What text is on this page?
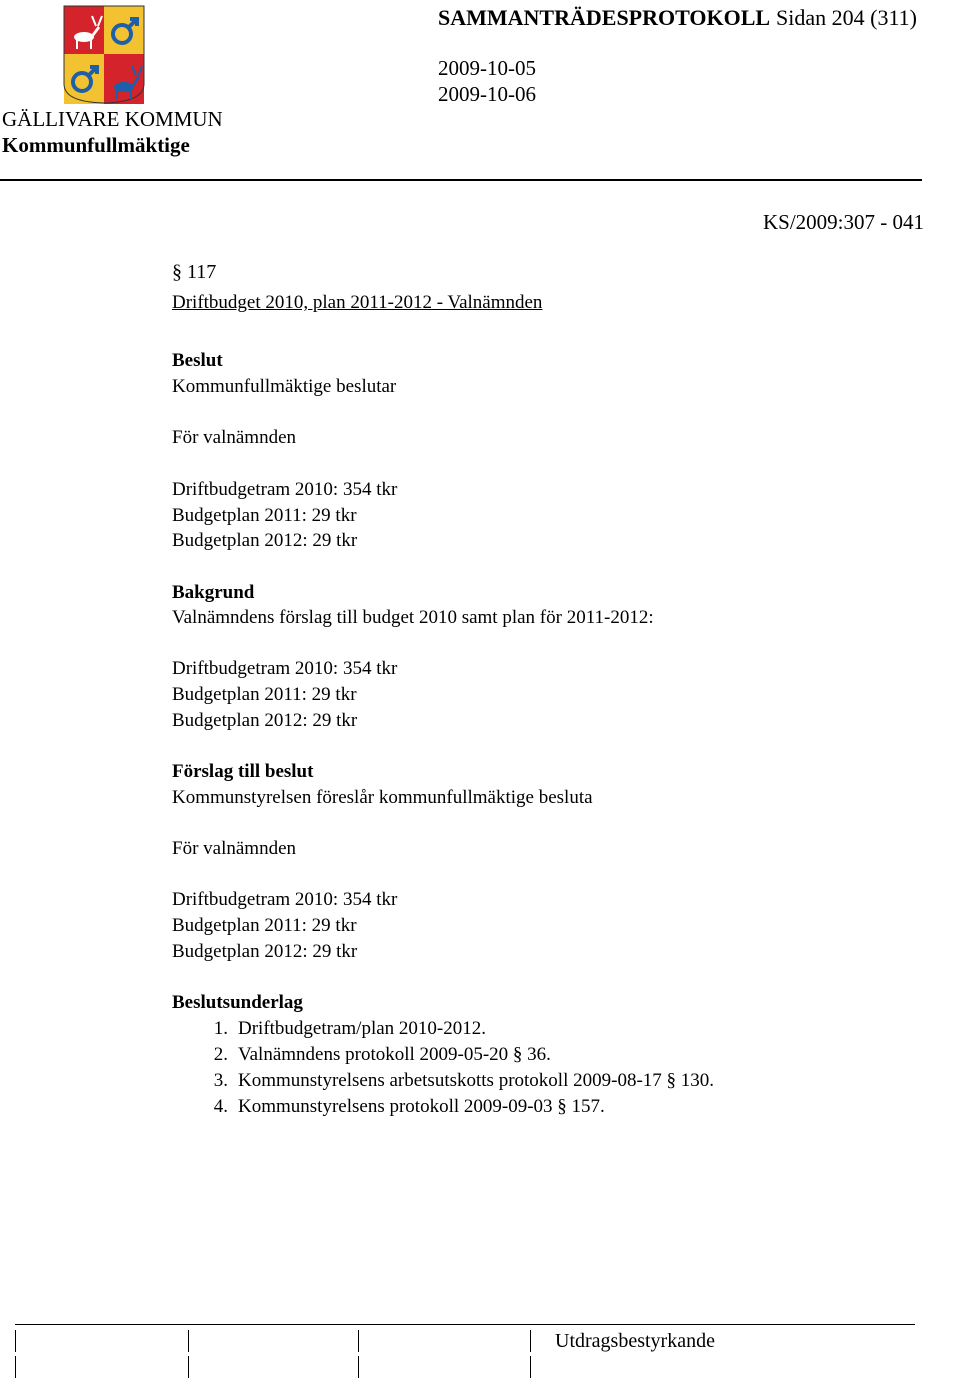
GÄLLIVARE KOMMUN
Kommunfullmäktige
SAMMANTRÄDESPROTOKOLL Sidan 204 (311)
2009-10-05
2009-10-06
KS/2009:307 - 041
§ 117
Driftbudget 2010, plan 2011-2012 - Valnämnden
Beslut
Kommunfullmäktige beslutar
För valnämnden
Driftbudgetram 2010: 354 tkr
Budgetplan 2011: 29 tkr
Budgetplan 2012: 29 tkr
Bakgrund
Valnämndens förslag till budget 2010 samt plan för 2011-2012:
Driftbudgetram 2010: 354 tkr
Budgetplan 2011: 29 tkr
Budgetplan 2012: 29 tkr
Förslag till beslut
Kommunstyrelsen föreslår kommunfullmäktige besluta
För valnämnden
Driftbudgetram 2010: 354 tkr
Budgetplan 2011: 29 tkr
Budgetplan 2012: 29 tkr
Beslutsunderlag
1. Driftbudgetram/plan 2010-2012.
2. Valnämndens protokoll 2009-05-20 § 36.
3. Kommunstyrelsens arbetsutskotts protokoll 2009-08-17 § 130.
4. Kommunstyrelsens protokoll 2009-09-03 § 157.
Utdragsbestyrkande
